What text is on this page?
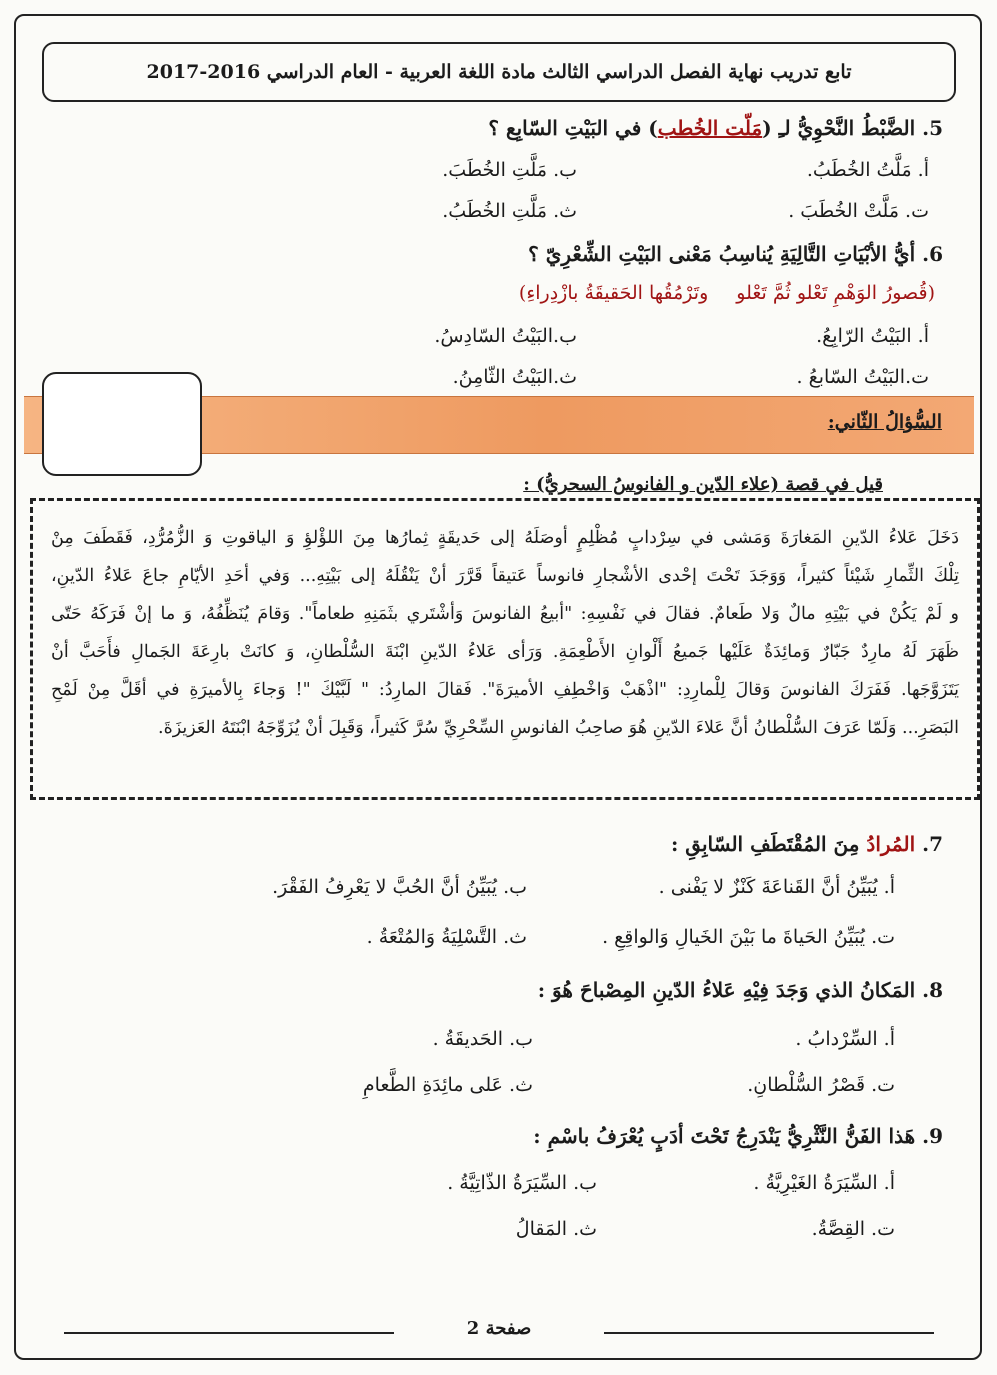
تابع تدريب نهاية الفصل الدراسي الثالث مادة اللغة العربية - العام الدراسي 2016-2017
5. الضَّبْطُ النَّحْوِيُّ لـِ (مَلّت الخُطب) في البَيْتِ السّابِع ؟
أ. مَلَّتُ الخُطَبُ.
ب. مَلَّتِ الخُطَبَ.
ت. مَلَّتْ الخُطَبَ .
ث. مَلَّتِ الخُطَبُ.
6. أيُّ الأبْيَاتِ التَّالِيَةِ يُناسِبُ مَعْنى البَيْتِ الشِّعْرِيّ ؟
(قُصورُ الوَهْمِ تَعْلو ثُمَّ تَعْلووتَرْمُقُها الحَقيقَةُ بازْدِراءِ)
أ. البَيْتُ الرّابِعُ.
ب.البَيْتُ السّادِسُ.
ت.البَيْتُ السّابعُ .
ث.البَيْتُ الثّامِنُ.
السُّؤالُ الثّاني:
قيل في قصة (علاء الدّين و الفانوسُ السحريُّ) :

دَخَلَ عَلاءُ الدّينِ المَغارَةَ وَمَشى في سِرْدابٍ مُظْلِمٍ أوصَلَهُ إلى حَديقَةٍ ثِمارُها مِنَ اللؤْلؤِ وَ الياقوتِ وَ الزُّمُرُّدِ، فَقَطَفَ مِنْ

تِلْكَ الثِّمارِ شَيْئاً كثيراً، وَوَجَدَ تَحْتَ إحْدى الأشْجارِ فانوساً عَتيقاً قَرَّرَ أنْ يَنْقُلَهُ إلى بَيْتِهِ... وَفي أحَدِ الأيّامِ جاعَ عَلاءُ الدّينِ،

و لَمْ يَكُنْ في بَيْتِهِ مالٌ وَلا طَعامٌ. فقالَ في نَفْسِهِ: "أبيعُ الفانوسَ وَأشْتَري بثَمَنِهِ طعاماً". وَقامَ يُنَظِّفُهُ، وَ ما إنْ فَرَكَهُ حَتّى

ظَهَرَ لَهُ مارِدٌ جَبّارٌ وَمائِدَةٌ عَلَيْها جَميعُ أَلْوانِ الأَطْعِمَةِ. وَرَأى عَلاءُ الدّينِ ابْنَةَ السُّلْطانِ، وَ كانَتْ بارِعَةَ الجَمالِ فأَحَبَّ أنْ

يَتَزَوَّجَها. فَفَرَكَ الفانوسَ وَقالَ لِلْمارِدِ: "اذْهَبْ وَاخْطِفِ الأميرَةَ". فَقالَ المارِدُ: " لَبَّيْكَ "! وَجاءَ بِالأميرَةِ في أقَلَّ مِنْ لَمْحِ

البَصَرِ... وَلَمّا عَرَفَ السُّلْطانُ أنَّ عَلاءَ الدّينِ هُوَ صاحِبُ الفانوسِ السِّحْرِيِّ سُرَّ كَثيراً، وَقَبِلَ أنْ يُزَوِّجَهُ ابْنَتَهُ العَزيزَةَ.

7. المُرادُ مِنَ المُقْتَطَفِ السّابِقِ :
أ. يُبَيِّنُ أنَّ القَناعَةَ كَنْزٌ لا يَفْنى .
ب. يُبَيِّنُ أنَّ الحُبَّ لا يَعْرِفُ الفَقْرَ.
ت. يُبَيِّنُ الحَياةَ ما بَيْنَ الخَيالِ وَالواقِعِ .
ث. التَّسْلِيَةُ وَالمُتْعَةُ .
8. المَكانُ الذي وَجَدَ فِيْهِ عَلاءُ الدّينِ المِصْباحَ هُوَ :
أ. السِّرْدابُ .
ب. الحَديقَةُ .
ت. قَصْرُ السُّلْطانِ.
ث. عَلى مائِدَةِ الطَّعامِ
9. هَذا الفَنُّ النَّثْرِيُّ يَنْدَرِجُ تَحْتَ أدَبٍ يُعْرَفُ باسْمِ :
أ. السِّيَرَةُ الغَيْرِيَّةُ .
ب. السِّيَرَةُ الذّاتِيَّةُ .
ت. القِصَّةُ.
ث. المَقالُ
صفحة 2
